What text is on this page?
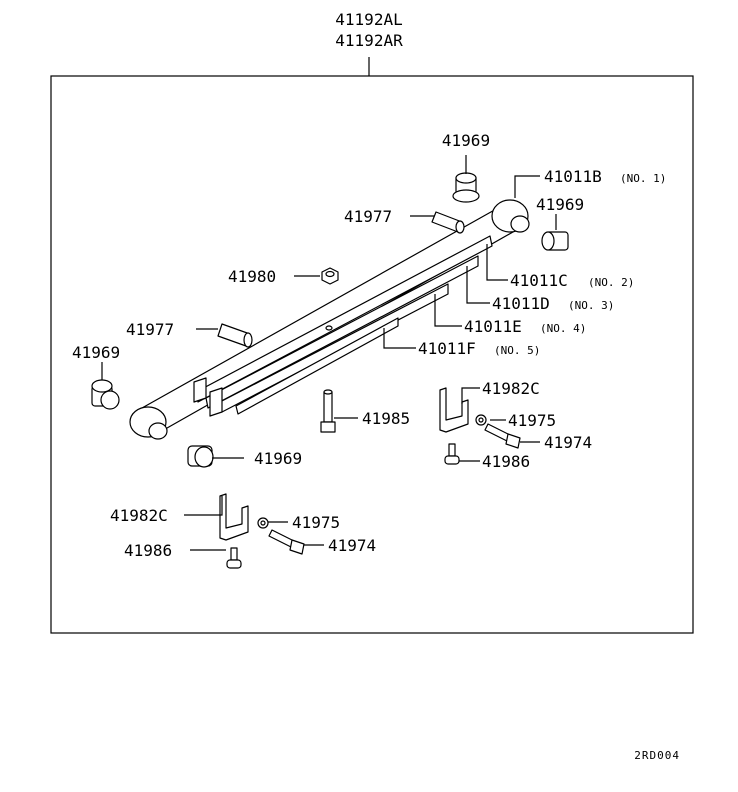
41192AL
41192AR
41969
41011B (NO. 1)
41969
41977
41011C (NO. 2)
41980
41011D (NO. 3)
41977	41011E (NO. 4)
41969	41011F (NO. 5)
41982C
41985	41975
41974
41969	41986
41982C	41975
41974
41986
2RD004
